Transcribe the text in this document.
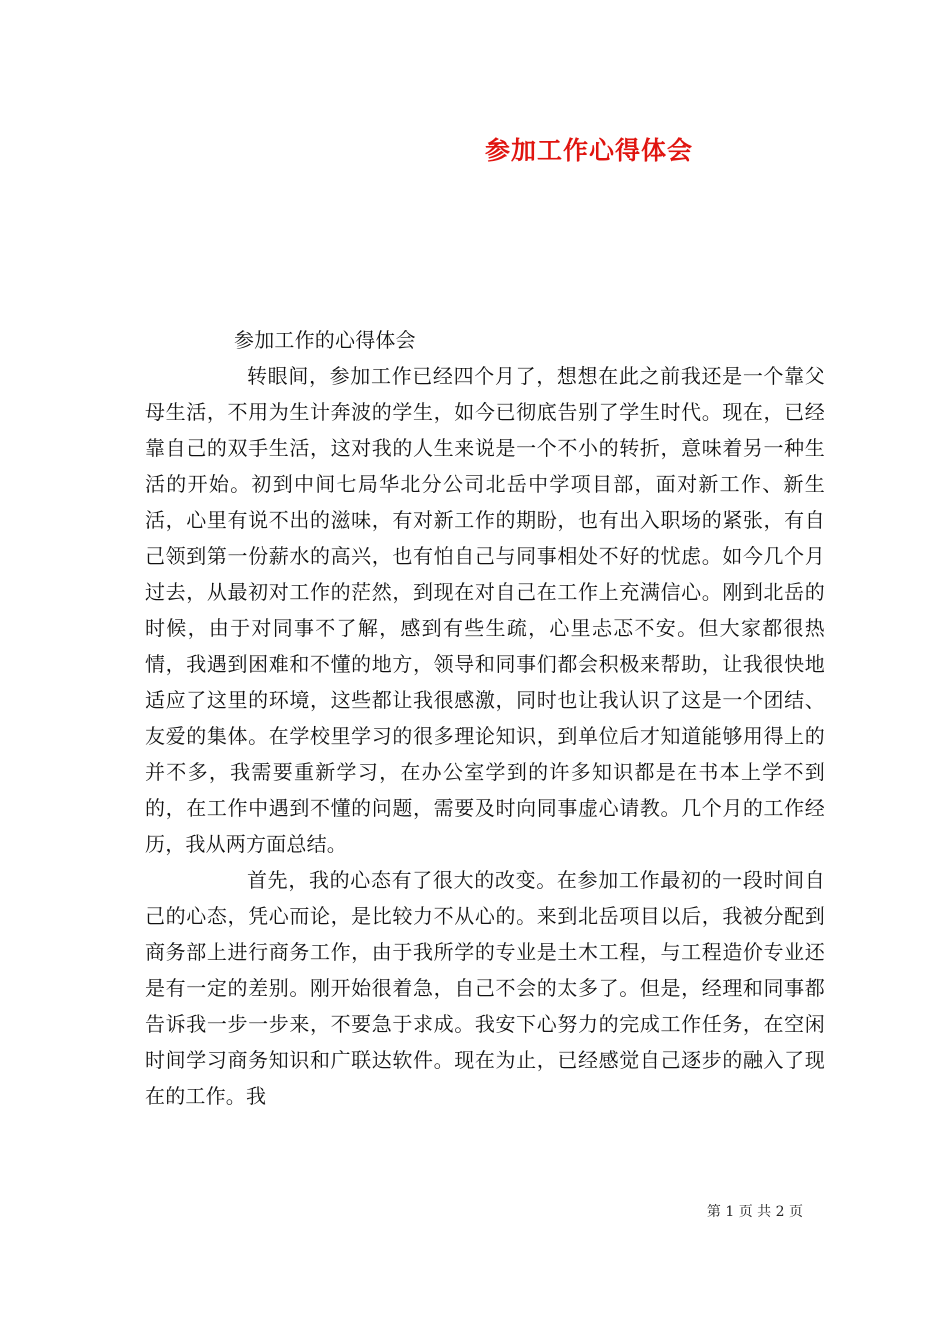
参加工作心得体会

参加工作的心得体会

转眼间，参加工作已经四个月了，想想在此之前我还是一个靠父母生活，不用为生计奔波的学生，如今已彻底告别了学生时代。现在，已经靠自己的双手生活，这对我的人生来说是一个不小的转折，意味着另一种生活的开始。初到中间七局华北分公司北岳中学项目部，面对新工作、新生活，心里有说不出的滋味，有对新工作的期盼，也有出入职场的紧张，有自己领到第一份薪水的高兴，也有怕自己与同事相处不好的忧虑。如今几个月过去，从最初对工作的茫然，到现在对自己在工作上充满信心。刚到北岳的时候，由于对同事不了解，感到有些生疏，心里忐忑不安。但大家都很热情，我遇到困难和不懂的地方，领导和同事们都会积极来帮助，让我很快地适应了这里的环境，这些都让我很感激，同时也让我认识了这是一个团结、友爱的集体。在学校里学习的很多理论知识，到单位后才知道能够用得上的并不多，我需要重新学习，在办公室学到的许多知识都是在书本上学不到的，在工作中遇到不懂的问题，需要及时向同事虚心请教。几个月的工作经历，我从两方面总结。

首先，我的心态有了很大的改变。在参加工作最初的一段时间自己的心态，凭心而论，是比较力不从心的。来到北岳项目以后，我被分配到商务部上进行商务工作，由于我所学的专业是土木工程，与工程造价专业还是有一定的差别。刚开始很着急，自己不会的太多了。但是，经理和同事都告诉我一步一步来，不要急于求成。我安下心努力的完成工作任务，在空闲时间学习商务知识和广联达软件。现在为止，已经感觉自己逐步的融入了现在的工作。我

第 1 页 共 2 页
